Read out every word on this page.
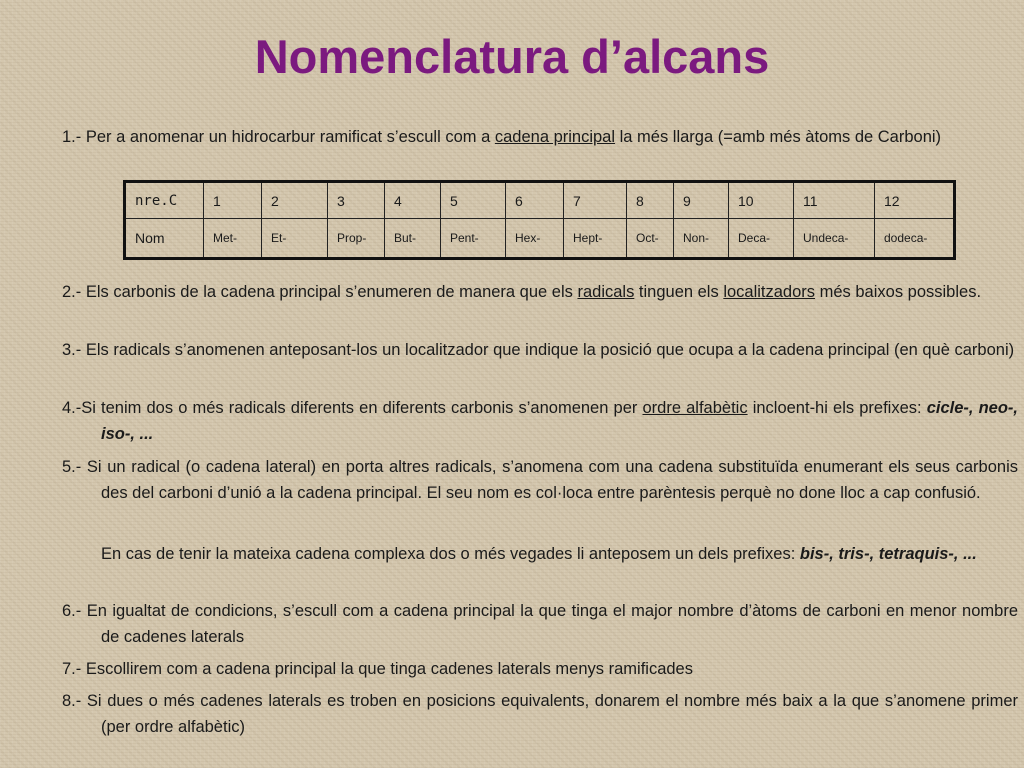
Nomenclatura d’alcans

1.- Per a anomenar un hidrocarbur ramificat s’escull com a cadena principal la més llarga (=amb més àtoms de Carboni)

nre.C	1	2	3	4	5	6	7	8	9	10	11	12
Nom	Met-	Et-	Prop-	But-	Pent-	Hex-	Hept-	Oct-	Non-	Deca-	Undeca-	dodeca-

2.- Els carbonis de la cadena principal s’enumeren de manera que els radicals tinguen els localitzadors més baixos possibles.

3.- Els radicals s’anomenen anteposant-los un localitzador que indique la posició que ocupa a la cadena principal (en què carboni)

4.-Si tenim dos o més radicals diferents en diferents carbonis s’anomenen per ordre alfabètic incloent-hi els prefixes: cicle-, neo-, iso-, ...

5.- Si un radical (o cadena lateral) en porta altres radicals, s’anomena com una cadena substituïda enumerant els seus carbonis des del carboni d’unió a la cadena principal. El seu nom es col·loca entre parèntesis perquè no done lloc a cap confusió.

En cas de tenir la mateixa cadena complexa dos o més vegades li anteposem un dels prefixes: bis-, tris-, tetraquis-, ...

6.- En igualtat de condicions, s’escull com a cadena principal la que tinga el major nombre d’àtoms de carboni en menor nombre de cadenes laterals

7.- Escollirem com a cadena principal la que tinga cadenes laterals menys ramificades

8.- Si dues o més cadenes laterals es troben en posicions equivalents, donarem el nombre més baix a la que s’anomene primer (per ordre alfabètic)
